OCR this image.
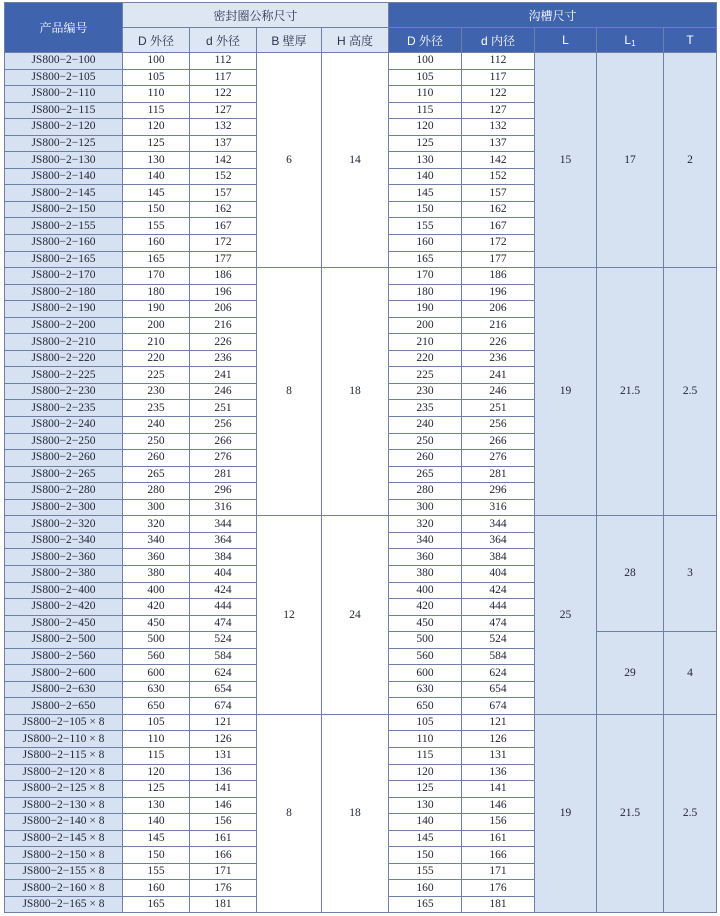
产品编号	密封圈公称尺寸				沟槽尺寸				
	D 外径	d 外径	B 壁厚	H 高度	D 外径	d 内径	L	$L_1$	T
JS800−2−100	100	112	6	14	100	112	15	17	2
JS800−2−105	105	117			105	117			
JS800−2−110	110	122			110	122			
JS800−2−115	115	127			115	127			
JS800−2−120	120	132			120	132			
JS800−2−125	125	137			125	137			
JS800−2−130	130	142			130	142			
JS800−2−140	140	152			140	152			
JS800−2−145	145	157			145	157			
JS800−2−150	150	162			150	162			
JS800−2−155	155	167			155	167			
JS800−2−160	160	172			160	172			
JS800−2−165	165	177			165	177			
JS800−2−170	170	186	8	18	170	186	19	21.5	2.5
JS800−2−180	180	196			180	196			
JS800−2−190	190	206			190	206			
JS800−2−200	200	216			200	216			
JS800−2−210	210	226			210	226			
JS800−2−220	220	236			220	236			
JS800−2−225	225	241			225	241			
JS800−2−230	230	246			230	246			
JS800−2−235	235	251			235	251			
JS800−2−240	240	256			240	256			
JS800−2−250	250	266			250	266			
JS800−2−260	260	276			260	276			
JS800−2−265	265	281			265	281			
JS800−2−280	280	296			280	296			
JS800−2−300	300	316			300	316			
JS800−2−320	320	344	12	24	320	344	25	28	3
JS800−2−340	340	364			340	364			
JS800−2−360	360	384			360	384			
JS800−2−380	380	404			380	404			
JS800−2−400	400	424			400	424			
JS800−2−420	420	444			420	444			
JS800−2−450	450	474			450	474			
JS800−2−500	500	524			500	524		29	4
JS800−2−560	560	584			560	584			
JS800−2−600	600	624			600	624			
JS800−2−630	630	654			630	654			
JS800−2−650	650	674			650	674			
JS800−2−105 × 8	105	121	8	18	105	121	19	21.5	2.5
JS800−2−110 × 8	110	126			110	126			
JS800−2−115 × 8	115	131			115	131			
JS800−2−120 × 8	120	136			120	136			
JS800−2−125 × 8	125	141			125	141			
JS800−2−130 × 8	130	146			130	146			
JS800−2−140 × 8	140	156			140	156			
JS800−2−145 × 8	145	161			145	161			
JS800−2−150 × 8	150	166			150	166			
JS800−2−155 × 8	155	171			155	171			
JS800−2−160 × 8	160	176			160	176			
JS800−2−165 × 8	165	181			165	181			
